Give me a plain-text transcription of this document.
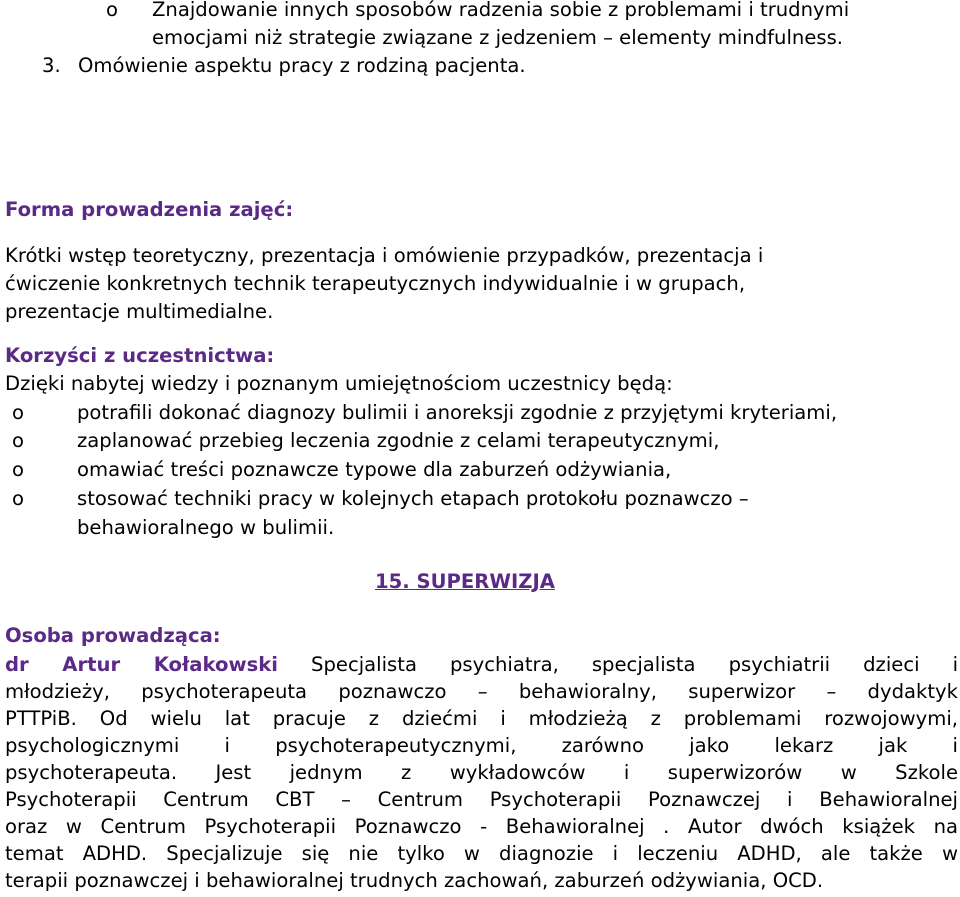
o Znajdowanie innych sposobów radzenia sobie z problemami i trudnymi
emocjami niż strategie związane z jedzeniem – elementy mindfulness.
3. Omówienie aspektu pracy z rodziną pacjenta.
Forma prowadzenia zajęć:
Krótki wstęp teoretyczny, prezentacja i omówienie przypadków, prezentacja i
ćwiczenie konkretnych technik terapeutycznych indywidualnie i w grupach,
prezentacje multimedialne.
Korzyści z uczestnictwa:
Dzięki nabytej wiedzy i poznanym umiejętnościom uczestnicy będą:
o	potrafili dokonać diagnozy bulimii i anoreksji zgodnie z przyjętymi kryteriami,
o	zaplanować przebieg leczenia zgodnie z celami terapeutycznymi,
o	omawiać treści poznawcze typowe dla zaburzeń odżywiania,
o	stosować techniki pracy w kolejnych etapach protokołu poznawczo –
behawioralnego w bulimii.
15. SUPERWIZJA
Osoba prowadząca:
dr Artur Kołakowski Specjalista psychiatra, specjalista psychiatrii dzieci i
młodzieży, psychoterapeuta poznawczo – behawioralny, superwizor – dydaktyk
PTTPiB. Od wielu lat pracuje z dziećmi i młodzieżą z problemami rozwojowymi,
psychologicznymi i psychoterapeutycznymi, zarówno jako lekarz jak i
psychoterapeuta. Jest jednym z wykładowców i superwizorów w Szkole
Psychoterapii Centrum CBT – Centrum Psychoterapii Poznawczej i Behawioralnej
oraz w Centrum Psychoterapii Poznawczo - Behawioralnej . Autor dwóch książek na
temat ADHD. Specjalizuje się nie tylko w diagnozie i leczeniu ADHD, ale także w
terapii poznawczej i behawioralnej trudnych zachowań, zaburzeń odżywiania, OCD.
